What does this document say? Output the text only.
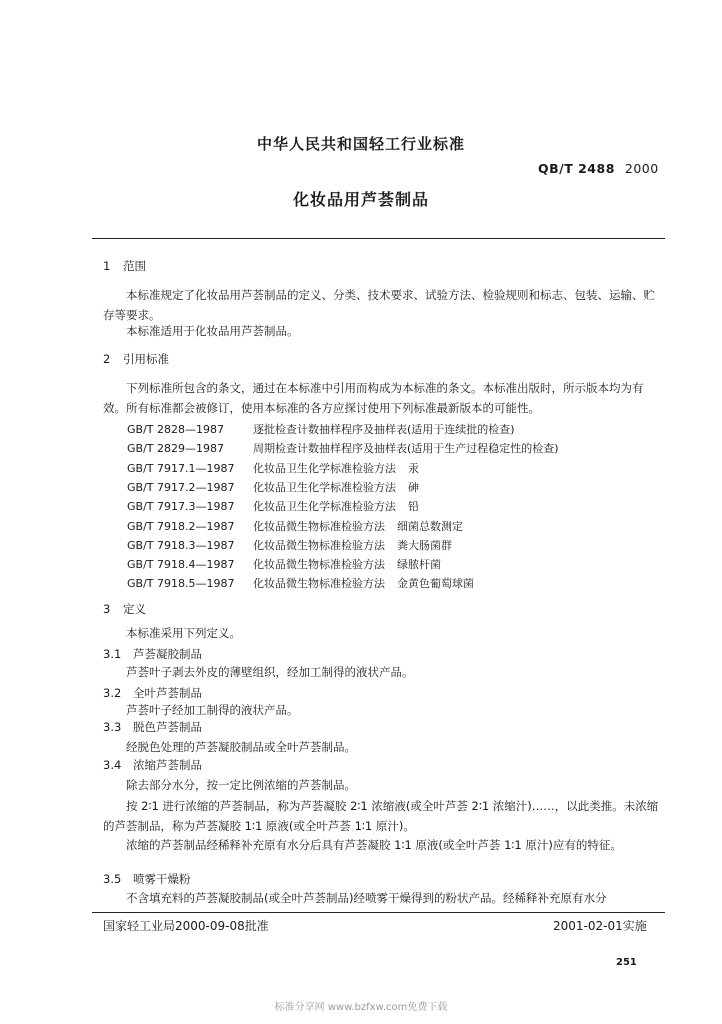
中华人民共和国轻工行业标准
QB/T 2488 2000
化妆品用芦荟制品
1 范围
本标准规定了化妆品用芦荟制品的定义、分类、技术要求、试验方法、检验规则和标志、包装、运输、贮存等要求。
本标准适用于化妆品用芦荟制品。
2 引用标准
下列标准所包含的条文，通过在本标准中引用而构成为本标准的条文。本标准出版时，所示版本均为有效。所有标准都会被修订，使用本标准的各方应探讨使用下列标准最新版本的可能性。
GB/T 2828—1987	逐批检查计数抽样程序及抽样表(适用于连续批的检查)
GB/T 2829—1987	周期检查计数抽样程序及抽样表(适用于生产过程稳定性的检查)
GB/T 7917.1—1987 化妆品卫生化学标准检验方法 汞
GB/T 7917.2—1987 化妆品卫生化学标准检验方法 砷
GB/T 7917.3—1987 化妆品卫生化学标准检验方法 铅
GB/T 7918.2—1987 化妆品微生物标准检验方法 细菌总数测定
GB/T 7918.3—1987 化妆品微生物标准检验方法 粪大肠菌群
GB/T 7918.4—1987 化妆品微生物标准检验方法 绿脓杆菌
GB/T 7918.5—1987 化妆品微生物标准检验方法 金黄色葡萄球菌
3 定义
本标准采用下列定义。
3.1 芦荟凝胶制品
芦荟叶子剥去外皮的薄壁组织，经加工制得的液状产品。
3.2 全叶芦荟制品
芦荟叶子经加工制得的液状产品。
3.3 脱色芦荟制品
经脱色处理的芦荟凝胶制品或全叶芦荟制品。
3.4 浓缩芦荟制品
除去部分水分，按一定比例浓缩的芦荟制品。
按 2∶1 进行浓缩的芦荟制品，称为芦荟凝胶 2∶1 浓缩液(或全叶芦荟 2∶1 浓缩汁)……，以此类推。未浓缩的芦荟制品，称为芦荟凝胶 1∶1 原液(或全叶芦荟 1∶1 原汁)。
浓缩的芦荟制品经稀释补充原有水分后具有芦荟凝胶 1∶1 原液(或全叶芦荟 1∶1 原汁)应有的特征。
3.5 喷雾干燥粉
不含填充料的芦荟凝胶制品(或全叶芦荟制品)经喷雾干燥得到的粉状产品。经稀释补充原有水分
国家轻工业局2000-09-08批准	2001-02-01实施
251
标准分享网 www.bzfxw.com免费下载
